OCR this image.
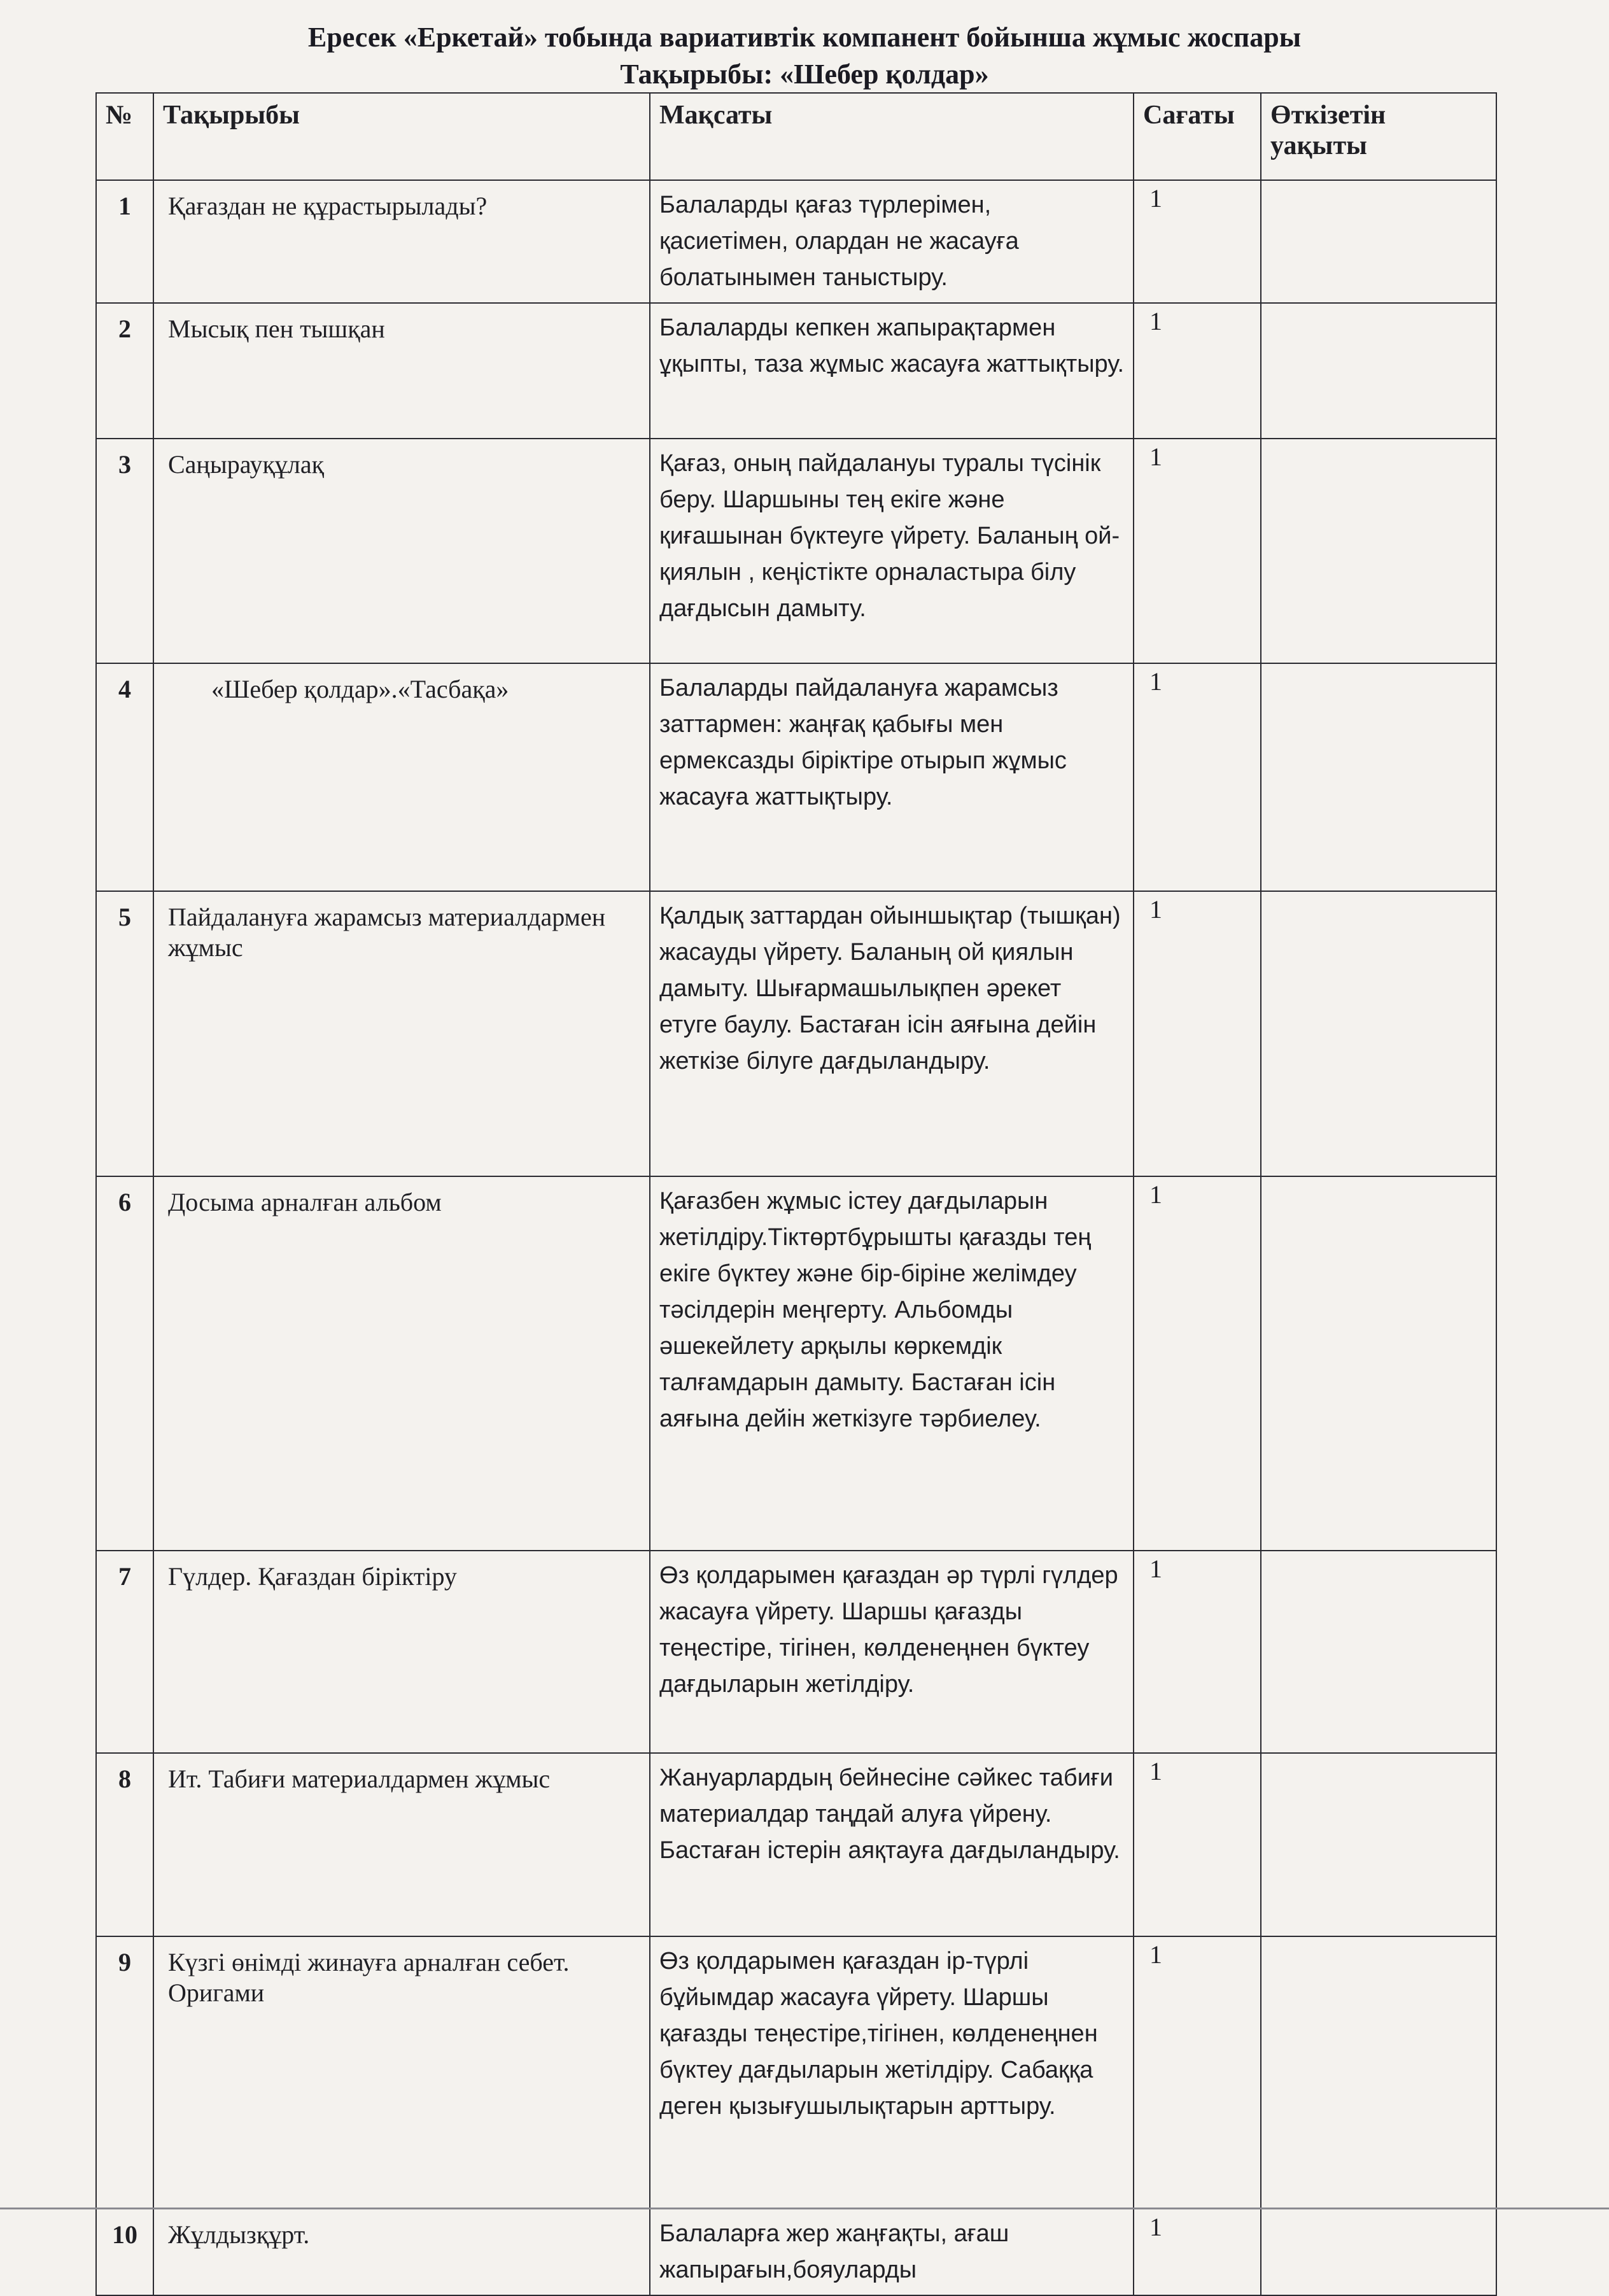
Ересек «Еркетай» тобында вариативтік компанент бойынша жұмыс жоспары
Тақырыбы: «Шебер қолдар»
№	Тақырыбы	Мақсаты	Сағаты	Өткізетін уақыты
1	Қағаздан не құрастырылады?	Балаларды қағаз түрлерімен, қасиетімен, олардан не жасауға болатынымен таныстыру.	1	
2	Мысық пен тышқан	Балаларды кепкен жапырақтармен ұқыпты, таза жұмыс жасауға жаттықтыру.	1	
3	Саңырауқұлақ	Қағаз, оның пайдалануы туралы түсінік беру. Шаршыны тең екіге және қиғашынан бүктеуге үйрету. Баланың ой-қиялын , кеңістікте орналастыра білу дағдысын дамыту.	1	
4	«Шебер қолдар».«Тасбақа»	Балаларды пайдалануға жарамсыз заттармен: жаңғақ қабығы мен ермексазды біріктіре отырып жұмыс жасауға жаттықтыру.	1	
5	Пайдалануға жарамсыз материалдармен жұмыс	Қалдық заттардан ойыншықтар (тышқан) жасауды үйрету. Баланың ой қиялын дамыту. Шығармашылықпен әрекет етуге баулу. Бастаған ісін аяғына дейін жеткізе білуге дағдыландыру.	1	
6	Досыма арналған альбом	Қағазбен жұмыс істеу дағдыларын жетілдіру.Тіктөртбұрышты қағазды тең екіге бүктеу және бір-біріне желімдеу тәсілдерін меңгерту. Альбомды әшекейлету арқылы көркемдік талғамдарын дамыту. Бастаған ісін аяғына дейін жеткізуге тәрбиелеу.	1	
7	Гүлдер. Қағаздан біріктіру	Өз қолдарымен қағаздан әр түрлі гүлдер жасауға үйрету. Шаршы қағазды теңестіре, тігінен, көлденеңнен бүктеу дағдыларын жетілдіру.	1	
8	Ит. Табиғи материалдармен жұмыс	Жануарлардың бейнесіне сәйкес табиғи материалдар таңдай алуға үйрену. Бастаған істерін аяқтауға дағдыландыру.	1	
9	Күзгі өнімді жинауға арналған себет. Оригами	Өз қолдарымен қағаздан ір-түрлі бұйымдар жасауға үйрету. Шаршы қағазды теңестіре,тігінен, көлденеңнен бүктеу дағдыларын жетілдіру. Сабаққа деген қызығушылықтарын арттыру.	1	
10	Жұлдызқұрт.	Балаларға жер жаңғақты, ағаш жапырағын,бояуларды	1	
